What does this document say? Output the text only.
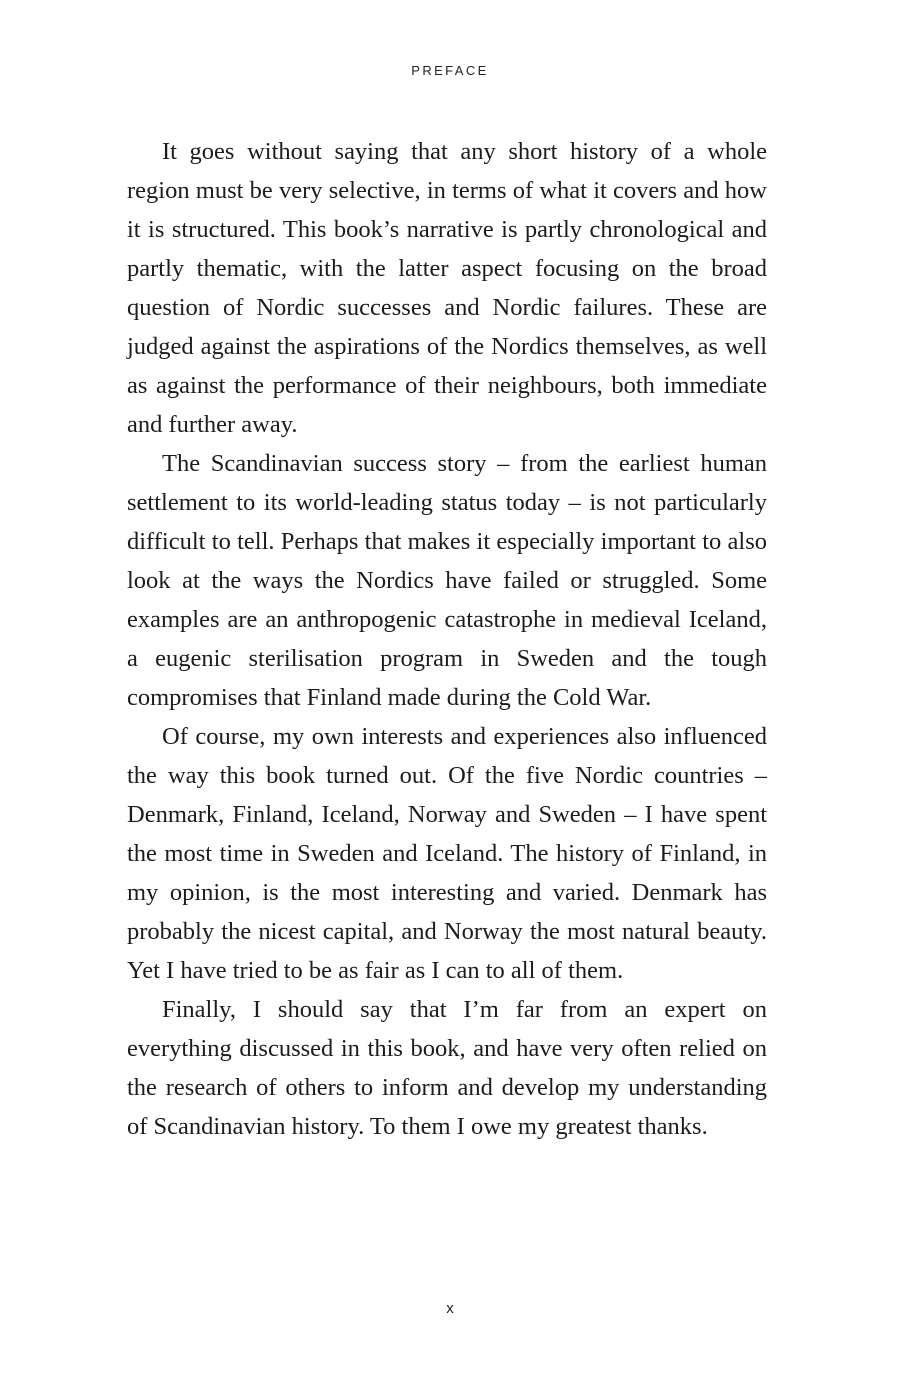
PREFACE

It goes without saying that any short history of a whole region must be very selective, in terms of what it covers and how it is structured. This book’s narrative is partly chronological and partly thematic, with the latter aspect focusing on the broad question of Nordic successes and Nordic failures. These are judged against the aspirations of the Nordics themselves, as well as against the performance of their neighbours, both immediate and further away.

The Scandinavian success story – from the earliest human settlement to its world-leading status today – is not particularly difficult to tell. Perhaps that makes it especially important to also look at the ways the Nordics have failed or struggled. Some examples are an anthropogenic catastrophe in medieval Iceland, a eugenic sterilisation program in Sweden and the tough compromises that Finland made during the Cold War.

Of course, my own interests and experiences also influenced the way this book turned out. Of the five Nordic countries – Denmark, Finland, Iceland, Norway and Sweden – I have spent the most time in Sweden and Iceland. The history of Finland, in my opinion, is the most interesting and varied. Denmark has probably the nicest capital, and Norway the most natural beauty. Yet I have tried to be as fair as I can to all of them.

Finally, I should say that I’m far from an expert on everything discussed in this book, and have very often relied on the research of others to inform and develop my understanding of Scandinavian history. To them I owe my greatest thanks.

x
